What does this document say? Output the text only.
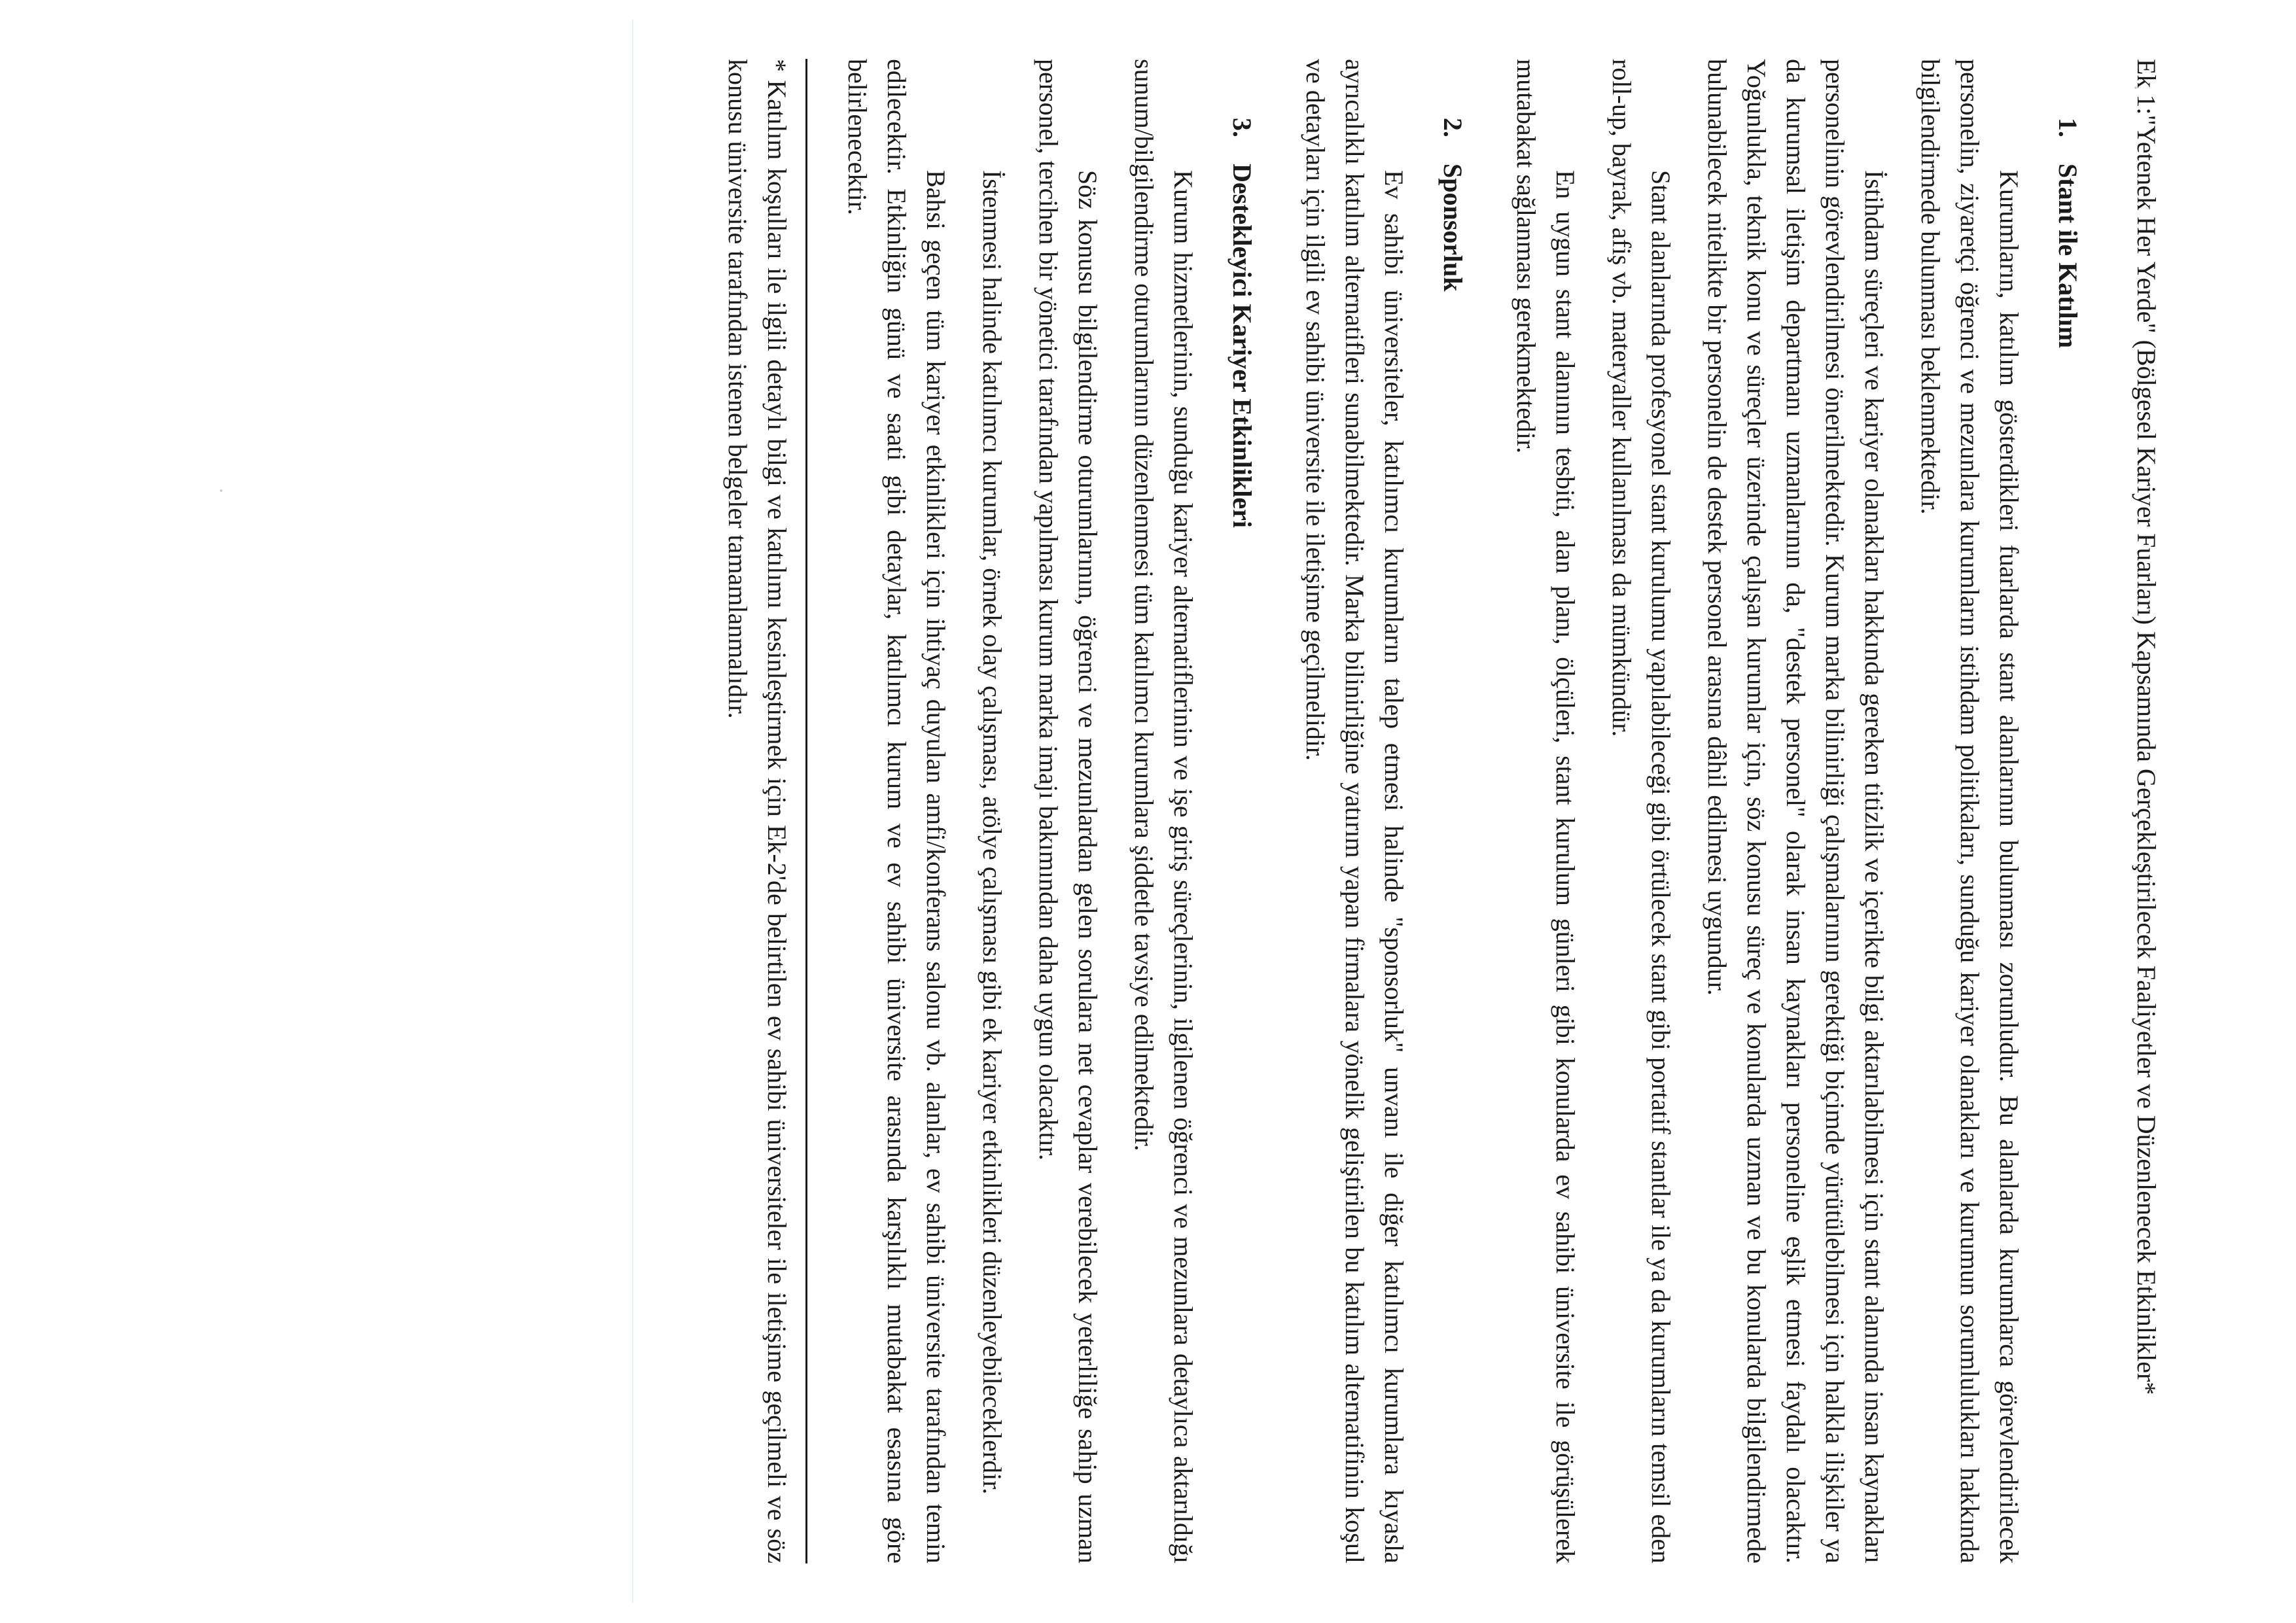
Ek 1:"Yetenek Her Yerde" (Bölgesel Kariyer Fuarları) Kapsamında Gerçekleştirilecek Faaliyetler ve Düzenlenecek Etkinlikler*
1.Stant ile Katılım

Kurumların, katılım gösterdikleri fuarlarda stant alanlarının bulunması zorunludur. Bu alanlarda kurumlarca görevlendirilecek personelin, ziyaretçi öğrenci ve mezunlara kurumların istihdam politikaları, sunduğu kariyer olanakları ve kurumun sorumlulukları hakkında bilgilendirmede bulunması beklenmektedir.

İstihdam süreçleri ve kariyer olanakları hakkında gereken titizlik ve içerikte bilgi aktarılabilmesi için stant alanında insan kaynakları personelinin görevlendirilmesi önerilmektedir. Kurum marka bilinirliği çalışmalarının gerektiği biçimde yürütülebilmesi için halkla ilişkiler ya da kurumsal iletişim departmanı uzmanlarının da, "destek personel" olarak insan kaynakları personeline eşlik etmesi faydalı olacaktır. Yoğunlukla, teknik konu ve süreçler üzerinde çalışan kurumlar için, söz konusu süreç ve konularda uzman ve bu konularda bilgilendirmede bulunabilecek nitelikte bir personelin de destek personel arasına dâhil edilmesi uygundur.

Stant alanlarında profesyonel stant kurulumu yapılabileceği gibi örtülecek stant gibi portatif stantlar ile ya da kurumların temsil eden roll-up, bayrak, afiş vb. materyaller kullanılması da mümkündür.

En uygun stant alanının tesbiti, alan planı, ölçüleri, stant kurulum günleri gibi konularda ev sahibi üniversite ile görüşülerek mutabakat sağlanması gerekmektedir.

2.Sponsorluk

Ev sahibi üniversiteler, katılımcı kurumların talep etmesi halinde "sponsorluk" unvanı ile diğer katılımcı kurumlara kıyasla ayrıcalıklı katılım alternatifleri sunabilmektedir. Marka bilinirliğine yatırım yapan firmalara yönelik geliştirilen bu katılım alternatifinin koşul ve detayları için ilgili ev sahibi üniversite ile iletişime geçilmelidir.

3.Destekleyici Kariyer Etkinlikleri

Kurum hizmetlerinin, sunduğu kariyer alternatiflerinin ve işe giriş süreçlerinin, ilgilenen öğrenci ve mezunlara detaylıca aktarıldığı sunum/bilgilendirme oturumlarının düzenlenmesi tüm katılımcı kurumlara şiddetle tavsiye edilmektedir.

Söz konusu bilgilendirme oturumlarının, öğrenci ve mezunlardan gelen sorulara net cevaplar verebilecek yeterliliğe sahip uzman personel, tercihen bir yönetici tarafından yapılması kurum marka imajı bakımından daha uygun olacaktır.

İstenmesi halinde katılımcı kurumlar, örnek olay çalışması, atölye çalışması gibi ek kariyer etkinlikleri düzenleyebileceklerdir.

Bahsi geçen tüm kariyer etkinlikleri için ihtiyaç duyulan amfi/konferans salonu vb. alanlar, ev sahibi üniversite tarafından temin edilecektir. Etkinliğin günü ve saati gibi detaylar, katılımcı kurum ve ev sahibi üniversite arasında karşılıklı mutabakat esasına göre belirlenecektir.

* Katılım koşulları ile ilgili detaylı bilgi ve katılımı kesinleştirmek için Ek-2'de belirtilen ev sahibi üniversiteler ile iletişime geçilmeli ve söz konusu üniversite tarafından istenen belgeler tamamlanmalıdır.
